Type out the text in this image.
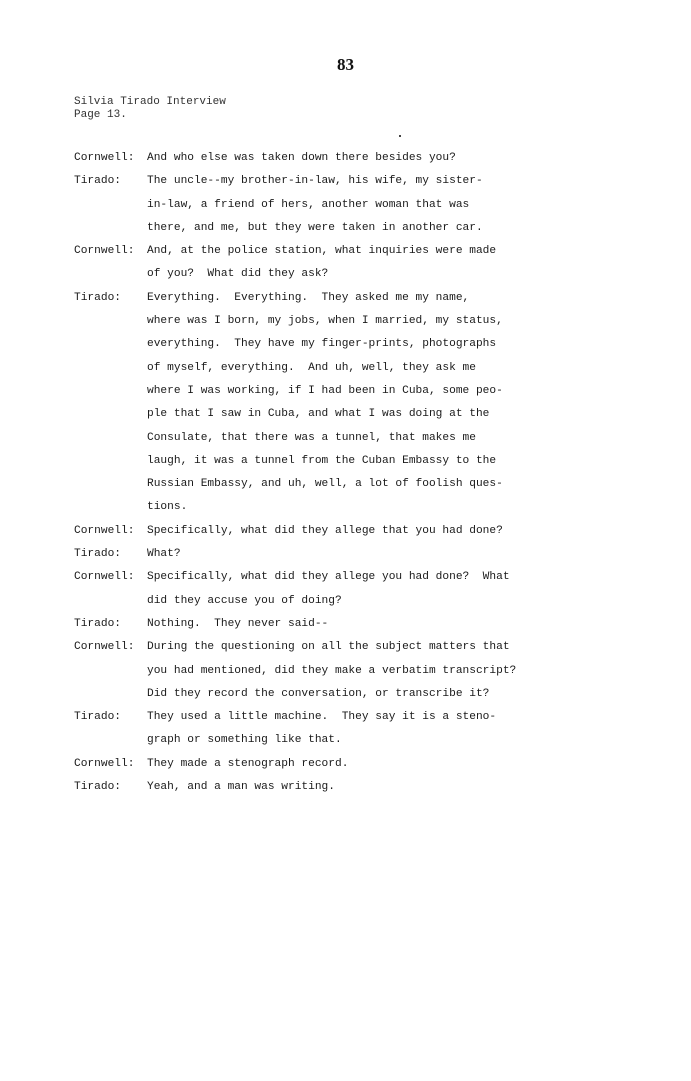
83
Silvia Tirado Interview
Page 13.
Cornwell:	And who else was taken down there besides you?
Tirado:	The uncle--my brother-in-law, his wife, my sister-
in-law, a friend of hers, another woman that was
there, and me, but they were taken in another car.
Cornwell:	And, at the police station, what inquiries were made
of you?  What did they ask?
Tirado:	Everything.  Everything.  They asked me my name,
where was I born, my jobs, when I married, my status,
everything.  They have my finger-prints, photographs
of myself, everything.  And uh, well, they ask me
where I was working, if I had been in Cuba, some peo-
ple that I saw in Cuba, and what I was doing at the
Consulate, that there was a tunnel, that makes me
laugh, it was a tunnel from the Cuban Embassy to the
Russian Embassy, and uh, well, a lot of foolish ques-
tions.
Cornwell:	Specifically, what did they allege that you had done?
Tirado:	What?
Cornwell:	Specifically, what did they allege you had done?  What
did they accuse you of doing?
Tirado:	Nothing.  They never said--
Cornwell:	During the questioning on all the subject matters that
you had mentioned, did they make a verbatim transcript?
Did they record the conversation, or transcribe it?
Tirado:	They used a little machine.  They say it is a steno-
graph or something like that.
Cornwell:	They made a stenograph record.
Tirado:	Yeah, and a man was writing.
